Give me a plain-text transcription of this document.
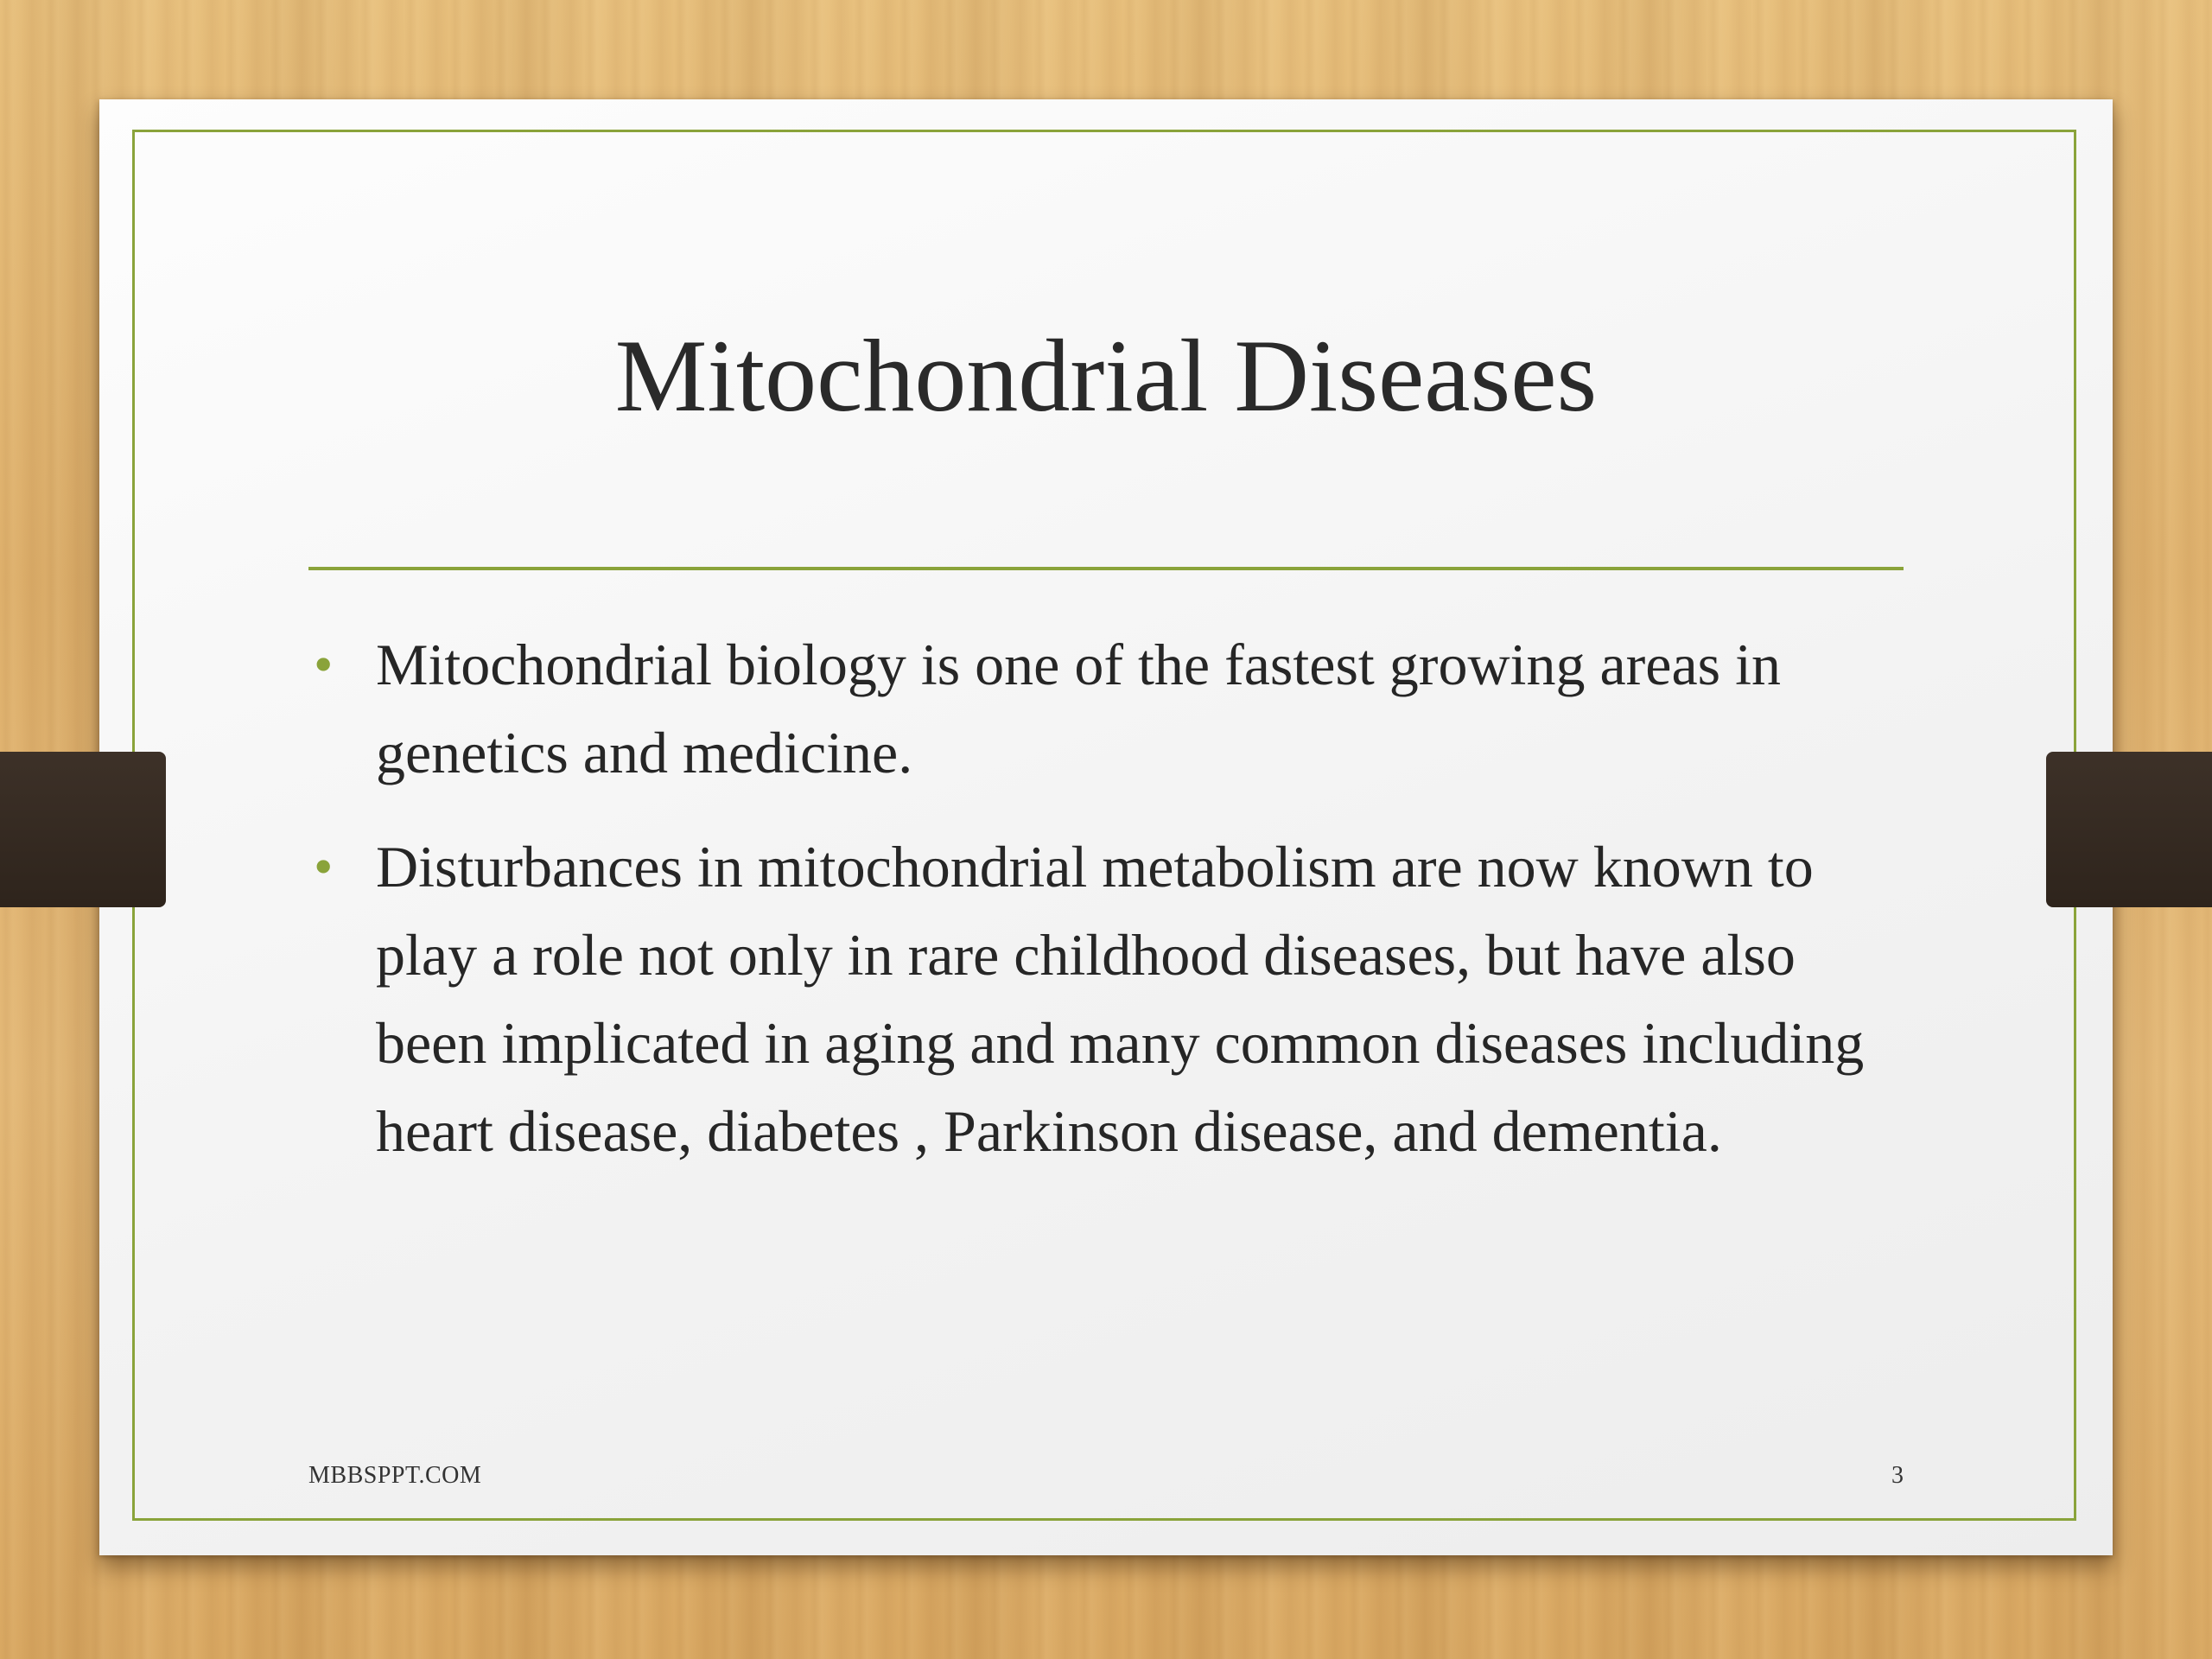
Mitochondrial Diseases
• Mitochondrial biology is one of the fastest growing areas in genetics and medicine.
• Disturbances in mitochondrial metabolism are now known to play a role not only in rare childhood diseases, but have also been implicated in aging and many common diseases including heart disease, diabetes , Parkinson disease, and dementia.
MBBSPPT.COM	3
